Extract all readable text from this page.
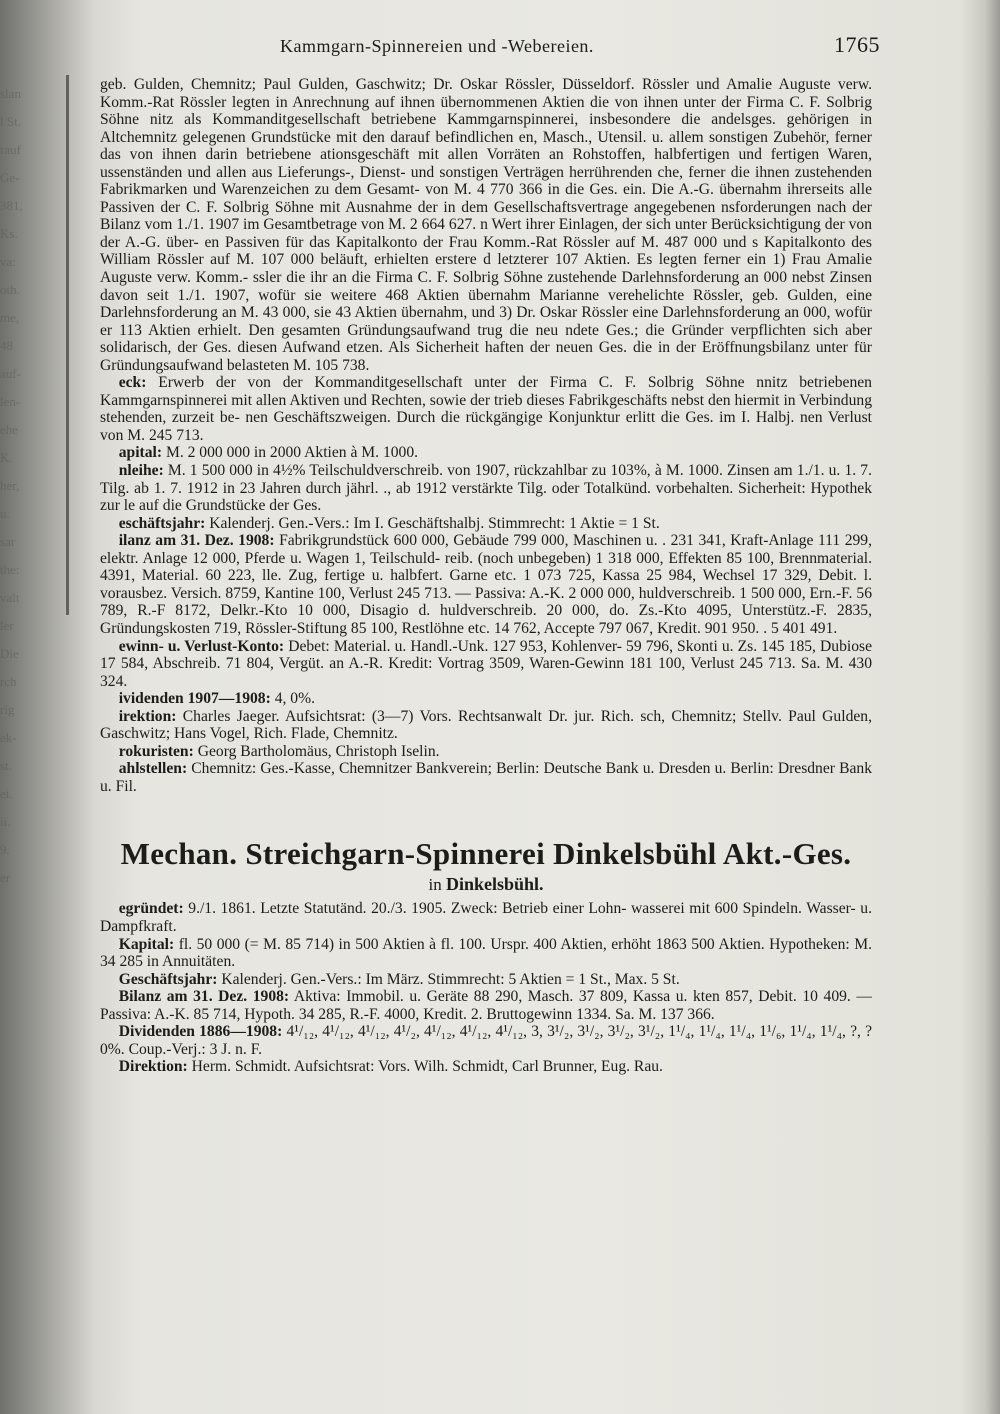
slan
l St.
rauf
Ge-
381,
Ks.
va:
oth.
me,
48
auf-
len-
ehe
K.
her,
u.
sar
the:
valt
ler
Die
rch
rig
ek-
st.
ei.
ii.
9.
er
Kammgarn-Spinnereien und -Webereien.	1765

geb. Gulden, Chemnitz; Paul Gulden, Gaschwitz; Dr. Oskar Rössler, Düsseldorf. Rössler und Amalie Auguste verw. Komm.-Rat Rössler legten in Anrechnung auf ihnen übernommenen Aktien die von ihnen unter der Firma C. F. Solbrig Söhne nitz als Kommanditgesellschaft betriebene Kammgarnspinnerei, insbesondere die andelsges. gehörigen in Altchemnitz gelegenen Grundstücke mit den darauf befindlichen en, Masch., Utensil. u. allem sonstigen Zubehör, ferner das von ihnen darin betriebene ationsgeschäft mit allen Vorräten an Rohstoffen, halbfertigen und fertigen Waren, ussenständen und allen aus Lieferungs-, Dienst- und sonstigen Verträgen herrührenden che, ferner die ihnen zustehenden Fabrikmarken und Warenzeichen zu dem Gesamt- von M. 4 770 366 in die Ges. ein. Die A.-G. übernahm ihrerseits alle Passiven der C. F. Solbrig Söhne mit Ausnahme der in dem Gesellschaftsvertrage angegebenen nsforderungen nach der Bilanz vom 1./1. 1907 im Gesamtbetrage von M. 2 664 627. n Wert ihrer Einlagen, der sich unter Berücksichtigung der von der A.-G. über- en Passiven für das Kapitalkonto der Frau Komm.-Rat Rössler auf M. 487 000 und s Kapitalkonto des William Rössler auf M. 107 000 beläuft, erhielten erstere d letzterer 107 Aktien. Es legten ferner ein 1) Frau Amalie Auguste verw. Komm.- ssler die ihr an die Firma C. F. Solbrig Söhne zustehende Darlehnsforderung an 000 nebst Zinsen davon seit 1./1. 1907, wofür sie weitere 468 Aktien übernahm Marianne verehelichte Rössler, geb. Gulden, eine Darlehnsforderung an M. 43 000, sie 43 Aktien übernahm, und 3) Dr. Oskar Rössler eine Darlehnsforderung an 000, wofür er 113 Aktien erhielt. Den gesamten Gründungsaufwand trug die neu ndete Ges.; die Gründer verpflichten sich aber solidarisch, der Ges. diesen Aufwand etzen. Als Sicherheit haften der neuen Ges. die in der Eröffnungsbilanz unter für Gründungsaufwand belasteten M. 105 738.

eck: Erwerb der von der Kommanditgesellschaft unter der Firma C. F. Solbrig Söhne nnitz betriebenen Kammgarnspinnerei mit allen Aktiven und Rechten, sowie der trieb dieses Fabrikgeschäfts nebst den hiermit in Verbindung stehenden, zurzeit be- nen Geschäftszweigen. Durch die rückgängige Konjunktur erlitt die Ges. im I. Halbj. nen Verlust von M. 245 713.

apital: M. 2 000 000 in 2000 Aktien à M. 1000.

nleihe: M. 1 500 000 in 4½% Teilschuldverschreib. von 1907, rückzahlbar zu 103%, à M. 1000. Zinsen am 1./1. u. 1. 7. Tilg. ab 1. 7. 1912 in 23 Jahren durch jährl. ., ab 1912 verstärkte Tilg. oder Totalkünd. vorbehalten. Sicherheit: Hypothek zur le auf die Grundstücke der Ges.

eschäftsjahr: Kalenderj. Gen.-Vers.: Im I. Geschäftshalbj. Stimmrecht: 1 Aktie = 1 St.

ilanz am 31. Dez. 1908: Fabrikgrundstück 600 000, Gebäude 799 000, Maschinen u. . 231 341, Kraft-Anlage 111 299, elektr. Anlage 12 000, Pferde u. Wagen 1, Teilschuld- reib. (noch unbegeben) 1 318 000, Effekten 85 100, Brennmaterial. 4391, Material. 60 223, lle. Zug, fertige u. halbfert. Garne etc. 1 073 725, Kassa 25 984, Wechsel 17 329, Debit. l. vorausbez. Versich. 8759, Kantine 100, Verlust 245 713. — Passiva: A.-K. 2 000 000, huldverschreib. 1 500 000, Ern.-F. 56 789, R.-F 8172, Delkr.-Kto 10 000, Disagio d. huldverschreib. 20 000, do. Zs.-Kto 4095, Unterstütz.-F. 2835, Gründungskosten 719, Rössler-Stiftung 85 100, Restlöhne etc. 14 762, Accepte 797 067, Kredit. 901 950. . 5 401 491.

ewinn- u. Verlust-Konto: Debet: Material. u. Handl.-Unk. 127 953, Kohlenver- 59 796, Skonti u. Zs. 145 185, Dubiose 17 584, Abschreib. 71 804, Vergüt. an A.-R. Kredit: Vortrag 3509, Waren-Gewinn 181 100, Verlust 245 713. Sa. M. 430 324.

ividenden 1907—1908: 4, 0%.

irektion: Charles Jaeger. Aufsichtsrat: (3—7) Vors. Rechtsanwalt Dr. jur. Rich. sch, Chemnitz; Stellv. Paul Gulden, Gaschwitz; Hans Vogel, Rich. Flade, Chemnitz.

rokuristen: Georg Bartholomäus, Christoph Iselin.

ahlstellen: Chemnitz: Ges.-Kasse, Chemnitzer Bankverein; Berlin: Deutsche Bank u. Dresden u. Berlin: Dresdner Bank u. Fil.

Mechan. Streichgarn-Spinnerei Dinkelsbühl Akt.-Ges.
in Dinkelsbühl.

egründet: 9./1. 1861. Letzte Statutänd. 20./3. 1905. Zweck: Betrieb einer Lohn- wasserei mit 600 Spindeln. Wasser- u. Dampfkraft.

Kapital: fl. 50 000 (= M. 85 714) in 500 Aktien à fl. 100. Urspr. 400 Aktien, erhöht 1863 500 Aktien. Hypotheken: M. 34 285 in Annuitäten.

Geschäftsjahr: Kalenderj. Gen.-Vers.: Im März. Stimmrecht: 5 Aktien = 1 St., Max. 5 St.

Bilanz am 31. Dez. 1908: Aktiva: Immobil. u. Geräte 88 290, Masch. 37 809, Kassa u. kten 857, Debit. 10 409. — Passiva: A.-K. 85 714, Hypoth. 34 285, R.-F. 4000, Kredit. 2. Bruttogewinn 1334. Sa. M. 137 366.

Dividenden 1886—1908: 4¹/₁₂, 4¹/₁₂, 4¹/₁₂, 4¹/₂, 4¹/₁₂, 4¹/₁₂, 4¹/₁₂, 3, 3¹/₂, 3¹/₂, 3¹/₂, 3¹/₂, 1¹/₄, 1¹/₄, 1¹/₄, 1¹/₆, 1¹/₄, 1¹/₄, ?, ? 0%. Coup.-Verj.: 3 J. n. F.

Direktion: Herm. Schmidt. Aufsichtsrat: Vors. Wilh. Schmidt, Carl Brunner, Eug. Rau.
